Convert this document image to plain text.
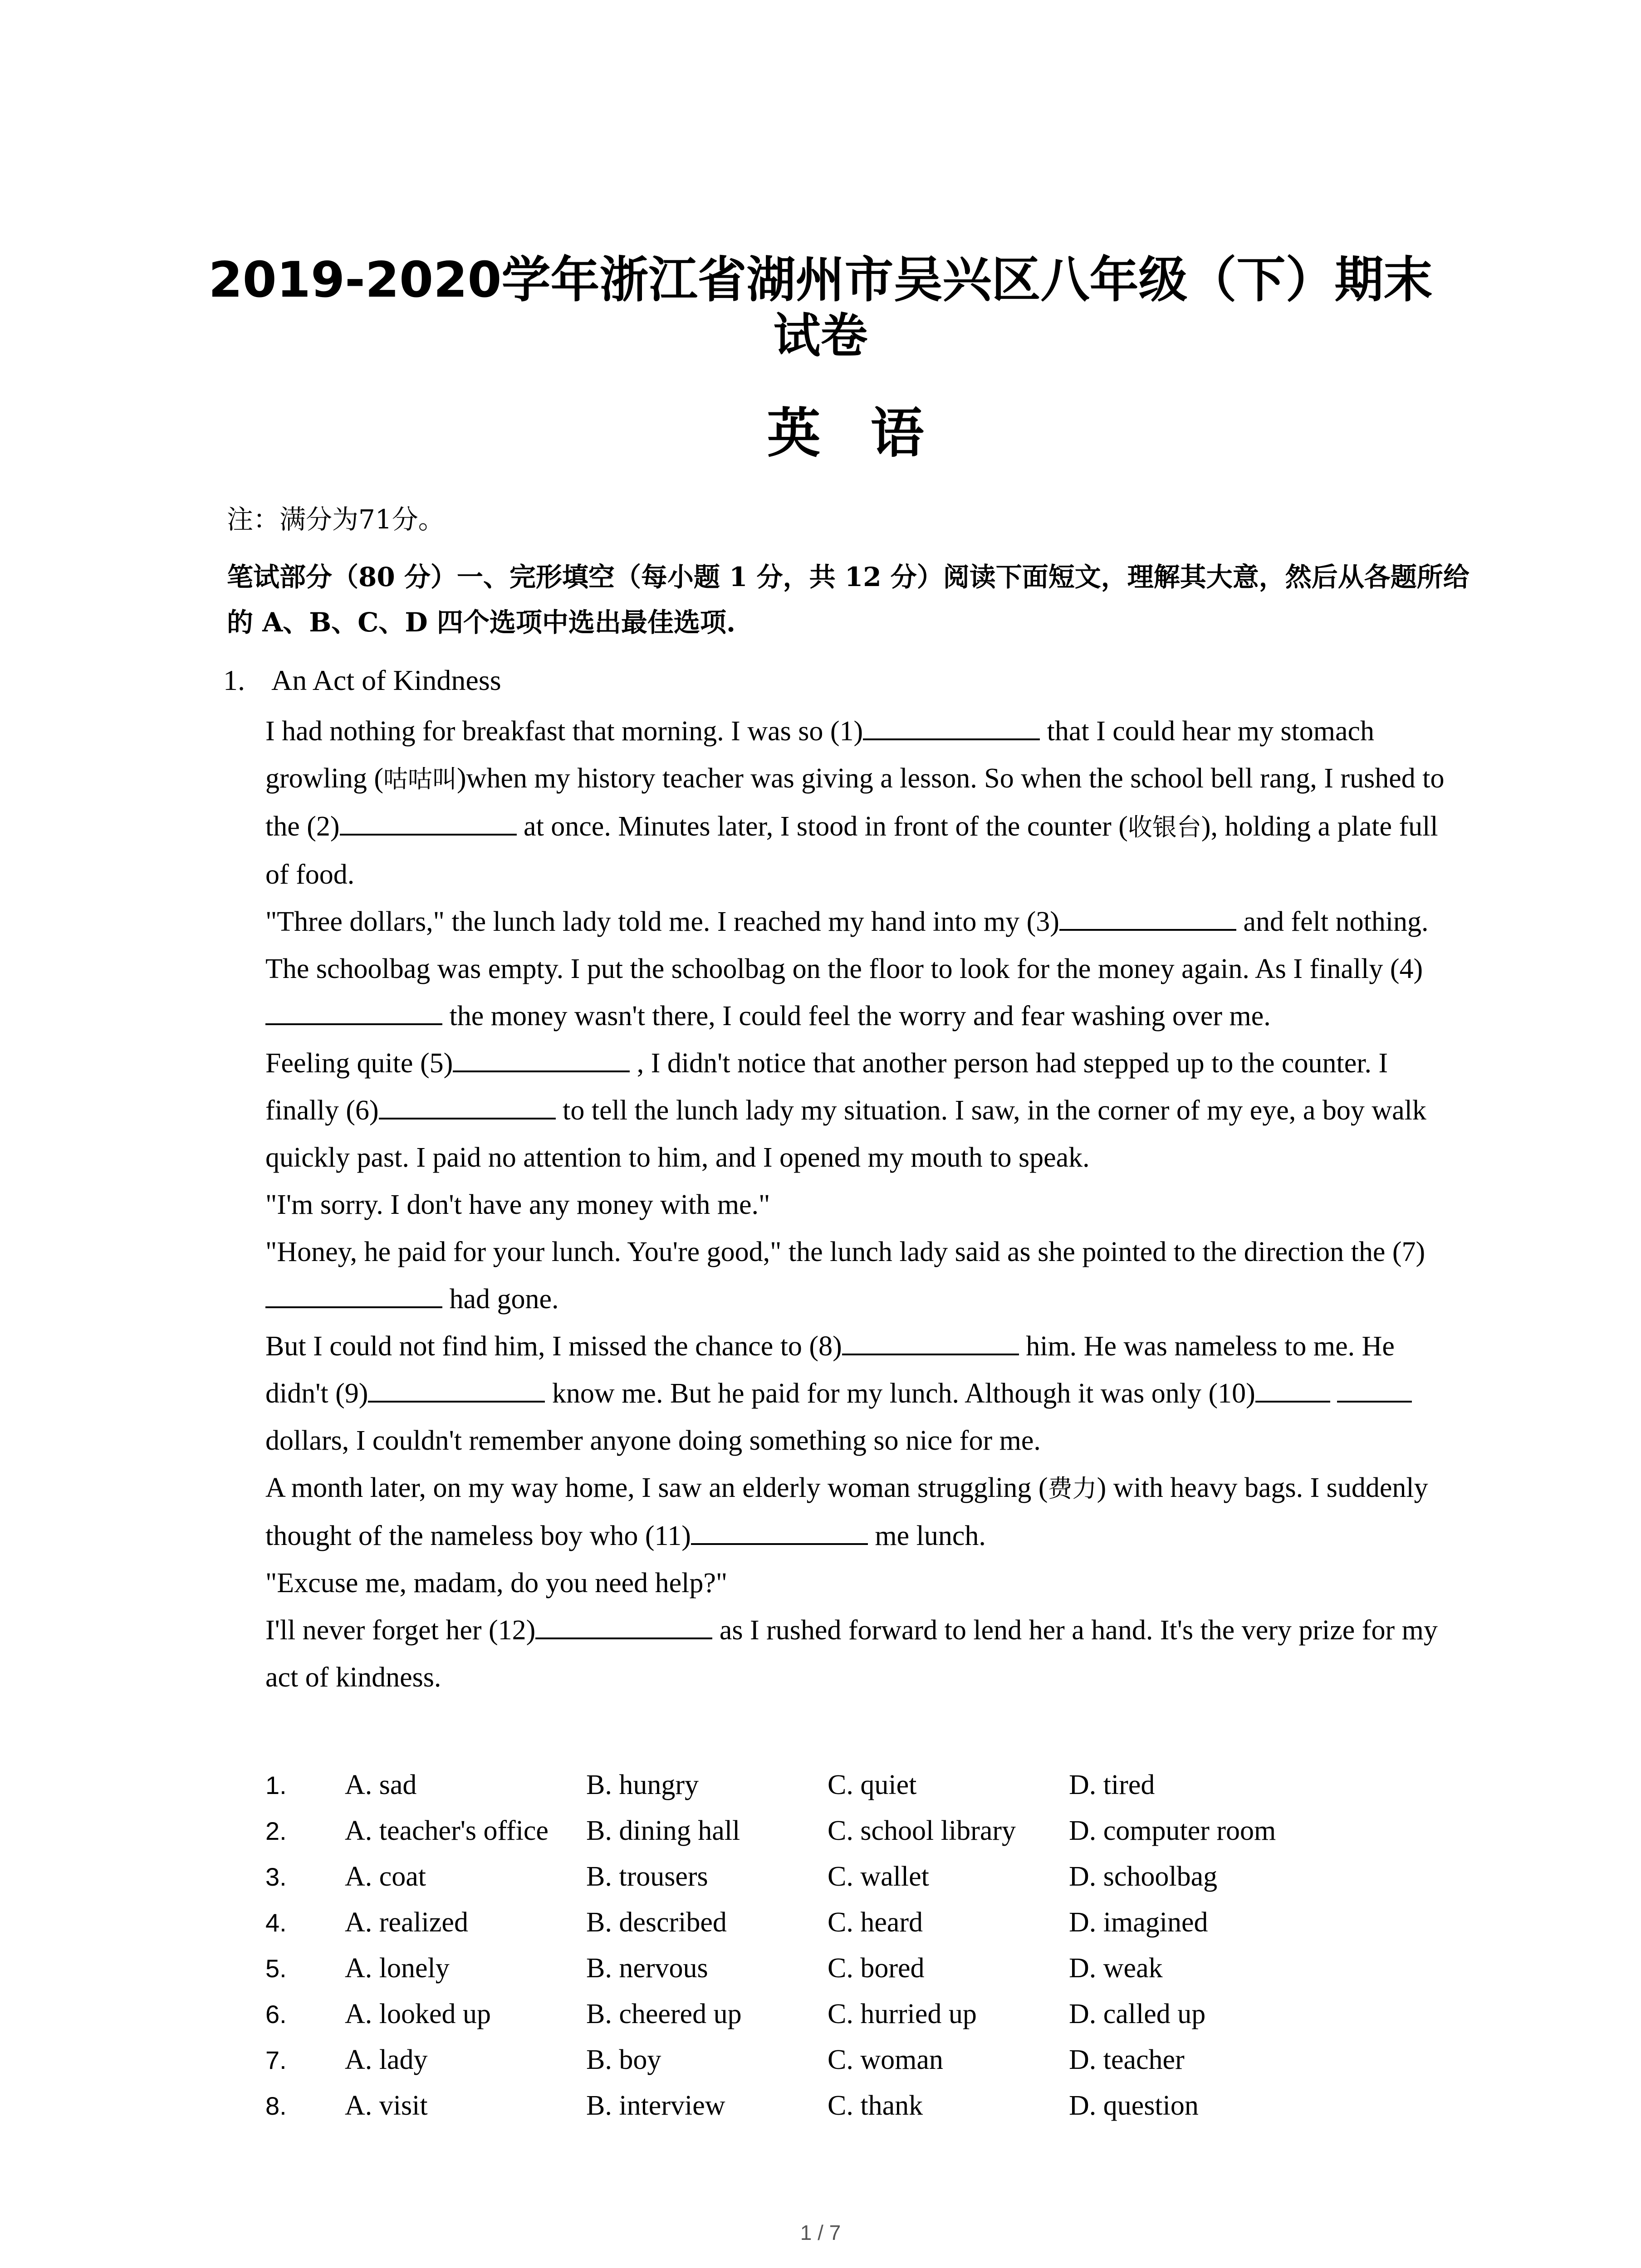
2019-2020学年浙江省湖州市吴兴区八年级（下）期末
试卷
英语
注：满分为71分。
笔试部分（80 分）一、完形填空（每小题 1 分，共 12 分）阅读下面短文，理解其大意，然后从各题所给的 A、B、C、D 四个选项中选出最佳选项.
1. An Act of Kindness

I had nothing for breakfast that morning. I was so (1)	that I could hear my stomach growling (咕咕叫)when my history teacher was giving a lesson. So when the school bell rang, I rushed to the (2)	at once. Minutes later, I stood in front of the counter (收银台), holding a plate full of food.

"Three dollars," the lunch lady told me. I reached my hand into my (3)	and felt nothing. The schoolbag was empty. I put the schoolbag on the floor to look for the money again. As I finally (4) the money wasn't there, I could feel the worry and fear washing over me.

Feeling quite (5)	, I didn't notice that another person had stepped up to the counter. I finally (6)	to tell the lunch lady my situation. I saw, in the corner of my eye, a boy walk quickly past. I paid no attention to him, and I opened my mouth to speak.

"I'm sorry. I don't have any money with me."

"Honey, he paid for your lunch. You're good," the lunch lady said as she pointed to the direction the (7) had gone.

But I could not find him, I missed the chance to (8)	him. He was nameless to me. He didn't (9)	know me. But he paid for my lunch. Although it was only (10)  dollars, I couldn't remember anyone doing something so nice for me.

A month later, on my way home, I saw an elderly woman struggling (费力) with heavy bags. I suddenly thought of the nameless boy who (11)	me lunch.

"Excuse me, madam, do you need help?"

I'll never forget her (12)	as I rushed forward to lend her a hand. It's the very prize for my act of kindness.

1.	A. sad	B. hungry	C. quiet	D. tired
2.	A. teacher's office	B. dining hall	C. school library	D. computer room
3.	A. coat	B. trousers	C. wallet	D. schoolbag
4.	A. realized	B. described	C. heard	D. imagined
5.	A. lonely	B. nervous	C. bored	D. weak
6.	A. looked up	B. cheered up	C. hurried up	D. called up
7.	A. lady	B. boy	C. woman	D. teacher
8.	A. visit	B. interview	C. thank	D. question
1 / 7
